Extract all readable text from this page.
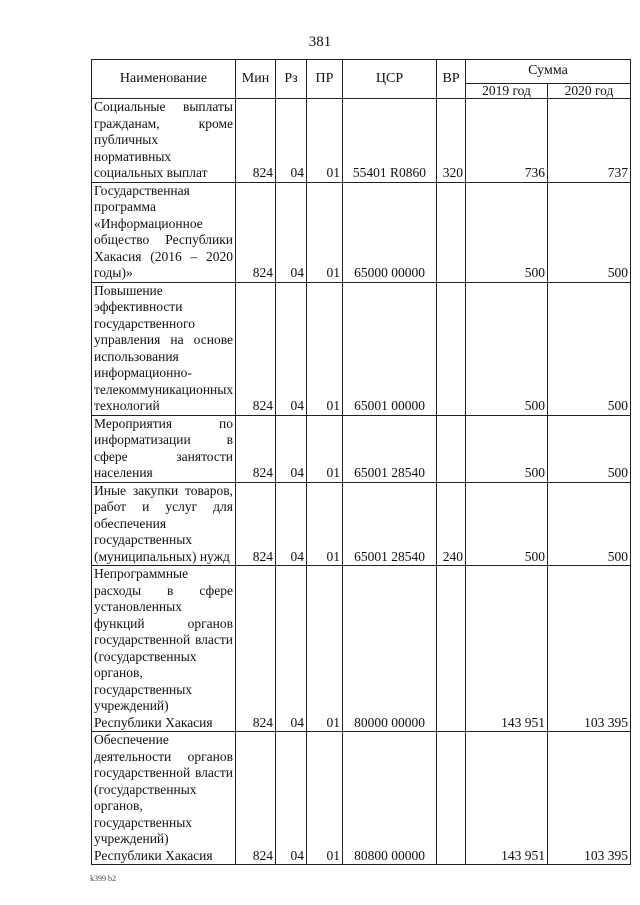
381
Наименование	Мин	Рз	ПР	ЦСР	ВР	Сумма	
						2019 год	2020 год
Социальные выплаты гражданам, кроме публичных нормативных социальных выплат	824	04	01	55401 R0860	320	736	737
Государственная программа «Информационное общество Республики Хакасия (2016 – 2020 годы)»	824	04	01	65000 00000		500	500
Повышение эффективности государственного управления на основе использования информационно-телекоммуникационных технологий	824	04	01	65001 00000		500	500
Мероприятия по информатизации в сфере занятости населения	824	04	01	65001 28540		500	500
Иные закупки товаров, работ и услуг для обеспечения государственных (муниципальных) нужд	824	04	01	65001 28540	240	500	500
Непрограммные расходы в сфере установленных функций органов государственной власти (государственных органов, государственных учреждений) Республики Хакасия	824	04	01	80000 00000		143 951	103 395
Обеспечение деятельности органов государственной власти (государственных органов, государственных учреждений) Республики Хакасия	824	04	01	80800 00000		143 951	103 395
k399 b2
